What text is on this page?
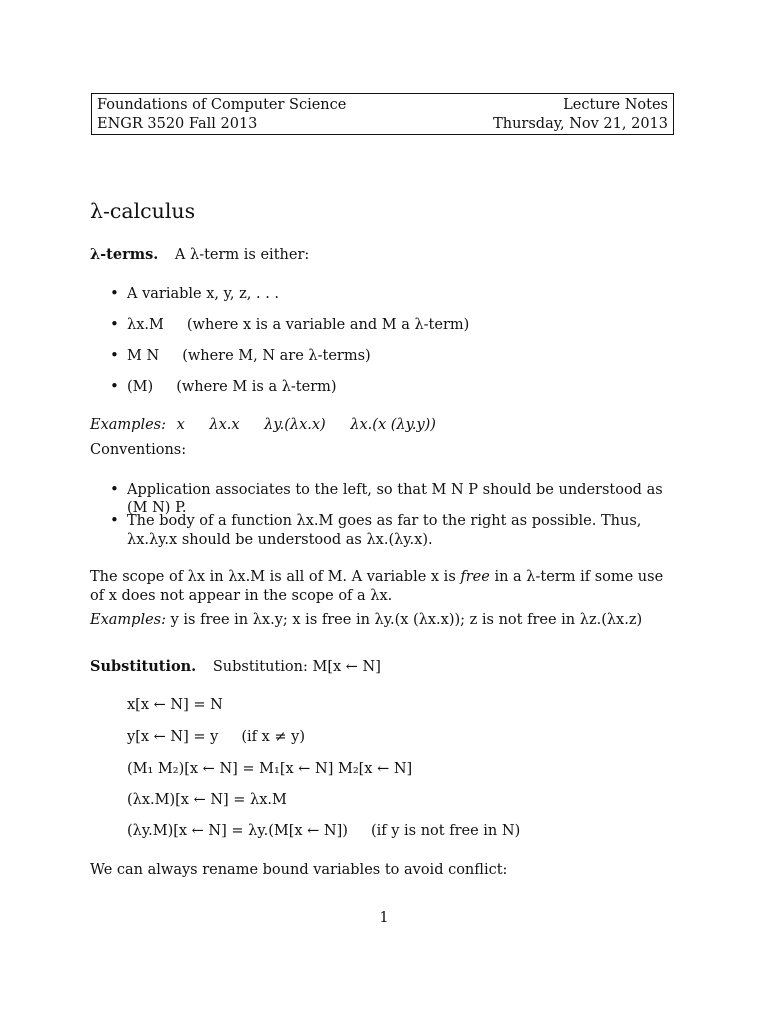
Foundations of Computer Science	Lecture Notes
ENGR 3520 Fall 2013	Thursday, Nov 21, 2013
λ-calculus
λ-terms. A λ-term is either:
• A variable x, y, z, . . .
• λx.M     (where x is a variable and M a λ-term)
• M N     (where M, N are λ-terms)
• (M)     (where M is a λ-term)
Examples: x λx.x λy.(λx.x) λx.(x (λy.y))
Conventions:
• Application associates to the left, so that M N P should be understood as (M N) P.
• The body of a function λx.M goes as far to the right as possible. Thus, λx.λy.x should be understood as λx.(λy.x).
The scope of λx in λx.M is all of M. A variable x is free in a λ-term if some use of x does not appear in the scope of a λx.
Examples: y is free in λx.y; x is free in λy.(x (λx.x)); z is not free in λz.(λx.z)
Substitution. Substitution: M[x ← N]
x[x ← N] = N
y[x ← N] = y     (if x ≠ y)
(M₁ M₂)[x ← N] = M₁[x ← N] M₂[x ← N]
(λx.M)[x ← N] = λx.M
(λy.M)[x ← N] = λy.(M[x ← N])     (if y is not free in N)
We can always rename bound variables to avoid conflict:
1
